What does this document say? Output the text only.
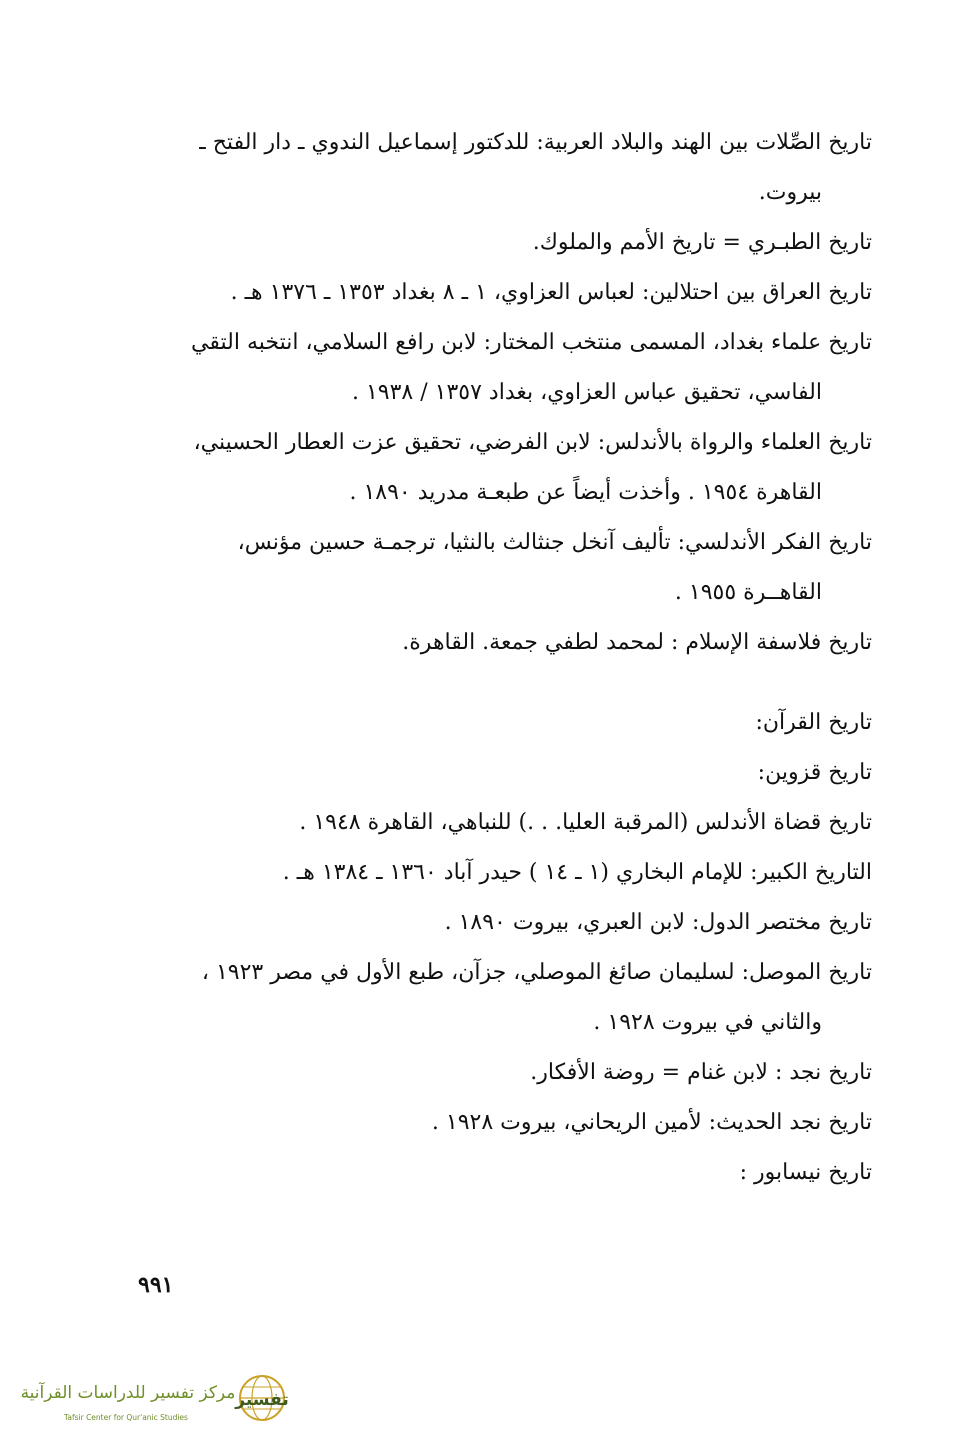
تاريخ الصِّلات بين الهند والبلاد العربية: للدكتور إسماعيل الندوي ـ دار الفتح ـ
بيروت.
تاريخ الطبـري = تاريخ الأمم والملوك.
تاريخ العراق بين احتلالين: لعباس العزاوي، ١ ـ ٨ بغداد ١٣٥٣ ـ ١٣٧٦ هـ .
تاريخ علماء بغداد، المسمى منتخب المختار: لابن رافع السلامي، انتخبه التقي
الفاسي، تحقيق عباس العزاوي، بغداد ١٣٥٧ / ١٩٣٨ .
تاريخ العلماء والرواة بالأندلس: لابن الفرضي، تحقيق عزت العطار الحسيني،
القاهرة ١٩٥٤ . وأخذت أيضاً عن طبعـة مدريد ١٨٩٠ .
تاريخ الفكر الأندلسي: تأليف آنخل جنثالث بالنثيا، ترجمـة حسين مؤنس،
القاهــرة ١٩٥٥ .
تاريخ فلاسفة الإسلام : لمحمد لطفي جمعة. القاهرة.
تاريخ القرآن:
تاريخ قزوين:
تاريخ قضاة الأندلس (المرقبة العليا. . .) للنباهي، القاهرة ١٩٤٨ .
التاريخ الكبير: للإمام البخاري (١ ـ ١٤ ) حيدر آباد ١٣٦٠ ـ ١٣٨٤ هـ .
تاريخ مختصر الدول: لابن العبري، بيروت ١٨٩٠ .
تاريخ الموصل: لسليمان صائغ الموصلي، جزآن، طبع الأول في مصر ١٩٢٣ ،
والثاني في بيروت ١٩٢٨ .
تاريخ نجد : لابن غنام = روضة الأفكار.
تاريخ نجد الحديث: لأمين الريحاني، بيروت ١٩٢٨ .
تاريخ نيسابور :
٩٩١
تفسير
مركز تفسير للدراسات القرآنية
Tafsir Center for Qur'anic Studies
